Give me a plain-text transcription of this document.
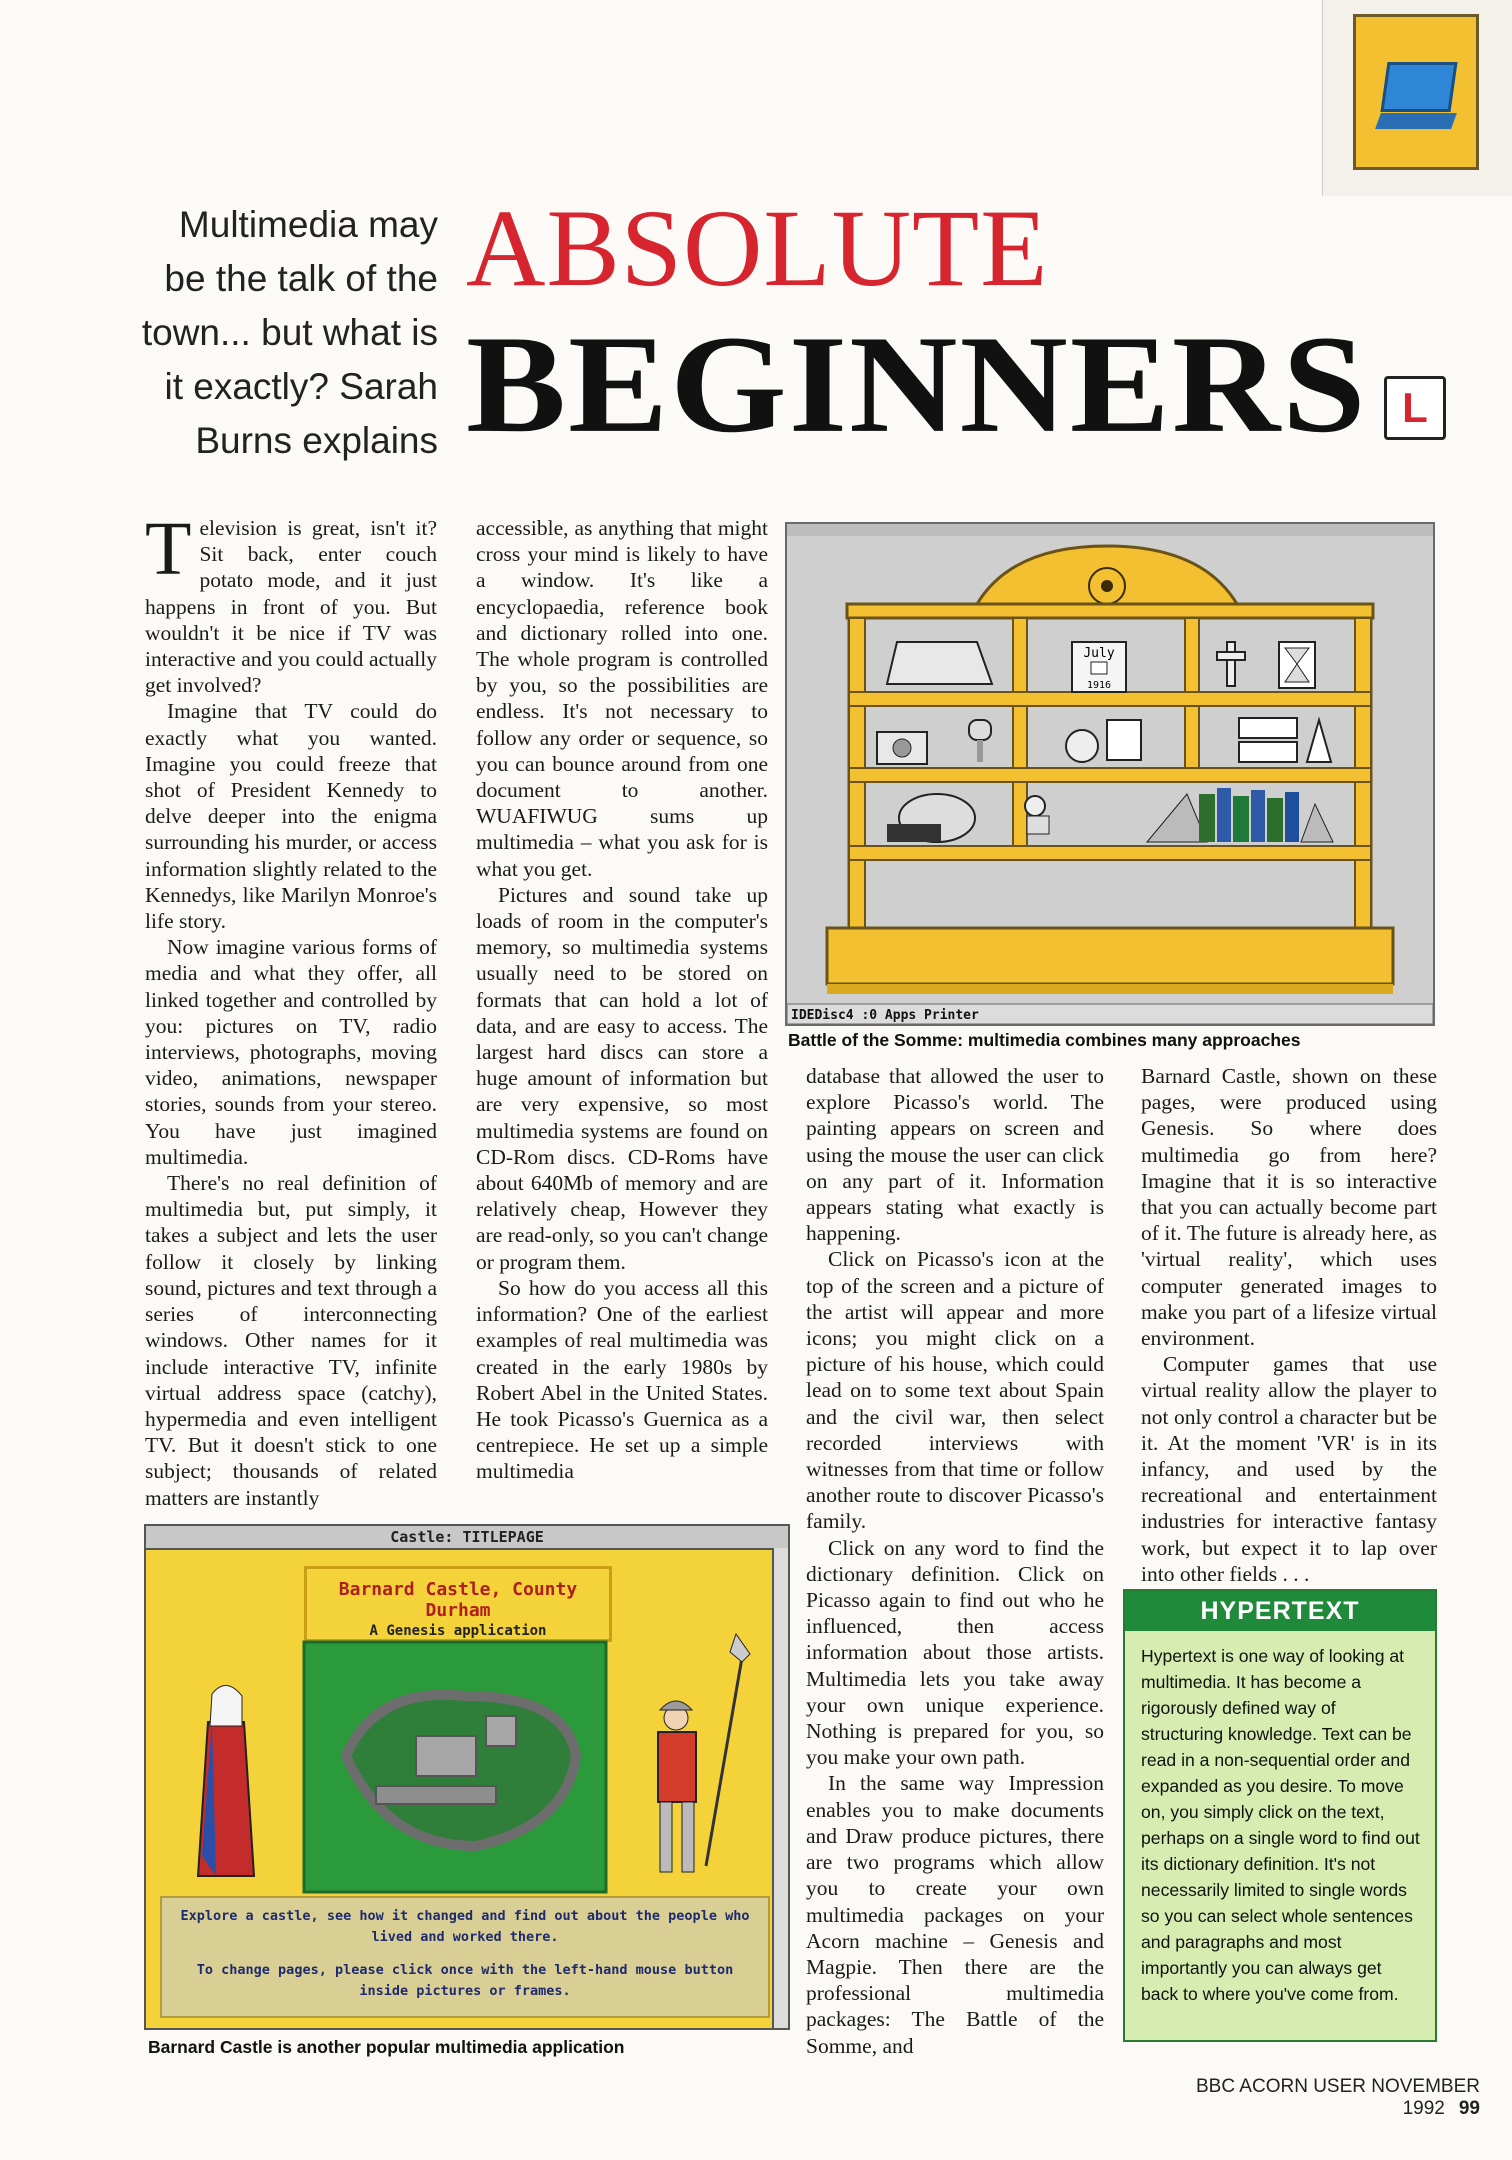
Multimedia may be the talk of the town... but what is it exactly? Sarah Burns explains
ABSOLUTE
BEGINNERS L

Television is great, isn't it? Sit back, enter couch potato mode, and it just happens in front of you. But wouldn't it be nice if TV was interactive and you could actually get involved?

Imagine that TV could do exactly what you wanted. Imagine you could freeze that shot of President Kennedy to delve deeper into the enigma surrounding his murder, or access information slightly related to the Kennedys, like Marilyn Monroe's life story.

Now imagine various forms of media and what they offer, all linked together and controlled by you: pictures on TV, radio interviews, photographs, moving video, animations, newspaper stories, sounds from your stereo. You have just imagined multimedia.

There's no real definition of multimedia but, put simply, it takes a subject and lets the user follow it closely by linking sound, pictures and text through a series of interconnecting windows. Other names for it include interactive TV, infinite virtual address space (catchy), hypermedia and even intelligent TV. But it doesn't stick to one subject; thousands of related matters are instantly

accessible, as anything that might cross your mind is likely to have a window. It's like a encyclopaedia, reference book and dictionary rolled into one. The whole program is controlled by you, so the possibilities are endless. It's not necessary to follow any order or sequence, so you can bounce around from one document to another. WUAFIWUG sums up multimedia – what you ask for is what you get.

Pictures and sound take up loads of room in the computer's memory, so multimedia systems usually need to be stored on formats that can hold a lot of data, and are easy to access. The largest hard discs can store a huge amount of information but are very expensive, so most multimedia systems are found on CD-Rom discs. CD-Roms have about 640Mb of memory and are relatively cheap, However they are read-only, so you can't change or program them.

So how do you access all this information? One of the earliest examples of real multimedia was created in the early 1980s by Robert Abel in the United States. He took Picasso's Guernica as a centrepiece. He set up a simple multimedia

July
1916
IDEDisc4 :0 Apps Printer
Battle of the Somme: multimedia combines many approaches

database that allowed the user to explore Picasso's world. The painting appears on screen and using the mouse the user can click on any part of it. Information appears stating what exactly is happening.

Click on Picasso's icon at the top of the screen and a picture of the artist will appear and more icons; you might click on a picture of his house, which could lead on to some text about Spain and the civil war, then select recorded interviews with witnesses from that time or follow another route to discover Picasso's family.

Click on any word to find the dictionary definition. Click on Picasso again to find out who he influenced, then access information about those artists. Multimedia lets you take away your own unique experience. Nothing is prepared for you, so you make your own path.

In the same way Impression enables you to make documents and Draw produce pictures, there are two programs which allow you to create your own multimedia packages on your Acorn machine – Genesis and Magpie. Then there are the professional multimedia packages: The Battle of the Somme, and

Barnard Castle, shown on these pages, were produced using Genesis. So where does multimedia go from here? Imagine that it is so interactive that you can actually become part of it. The future is already here, as 'virtual reality', which uses computer generated images to make you part of a lifesize virtual environment.

Computer games that use virtual reality allow the player to not only control a character but be it. At the moment 'VR' is in its infancy, and used by the recreational and entertainment industries for interactive fantasy work, but expect it to lap over into other fields . . .

Castle: TITLEPAGE
Barnard Castle, County Durham
A Genesis application
Explore a castle, see how it changed and find out about the people who lived and worked there.
To change pages, please click once with the left-hand mouse button inside pictures or frames.
Barnard Castle is another popular multimedia application
HYPERTEXT
Hypertext is one way of looking at multimedia. It has become a rigorously defined way of structuring knowledge. Text can be read in a non-sequential order and expanded as you desire. To move on, you simply click on the text, perhaps on a single word to find out its dictionary definition. It's not necessarily limited to single words so you can select whole sentences and paragraphs and most importantly you can always get back to where you've come from.
BBC ACORN USER NOVEMBER 1992 99
